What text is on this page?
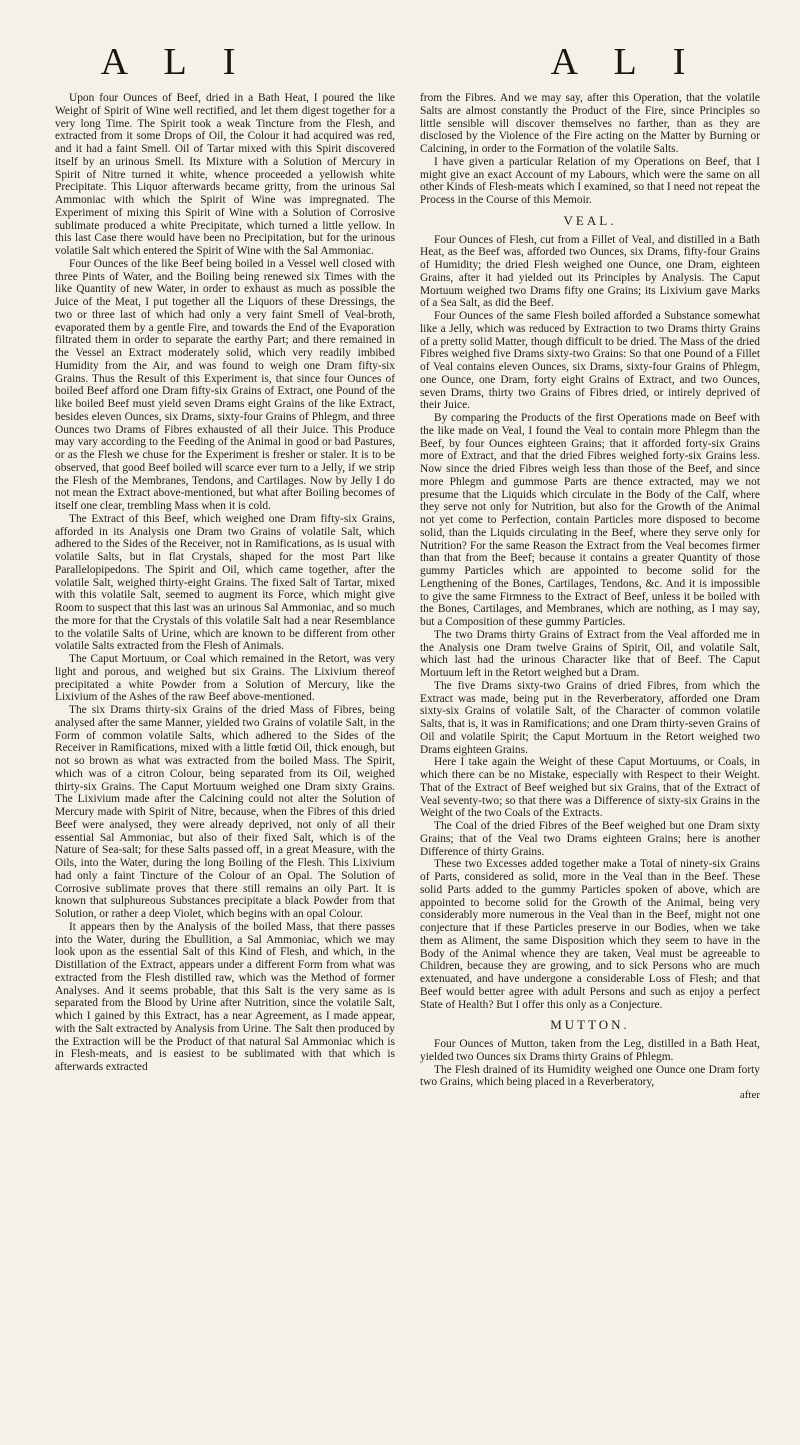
A L I	A L I

Upon four Ounces of Beef, dried in a Bath Heat, I poured the like Weight of Spirit of Wine well rectified, and let them digest together for a very long Time. The Spirit took a weak Tincture from the Flesh, and extracted from it some Drops of Oil, the Colour it had acquired was red, and it had a faint Smell. Oil of Tartar mixed with this Spirit discovered itself by an urinous Smell. Its Mixture with a Solution of Mercury in Spirit of Nitre turned it white, whence proceeded a yellowish white Precipitate. This Liquor afterwards became gritty, from the urinous Sal Ammoniac with which the Spirit of Wine was impregnated. The Experiment of mixing this Spirit of Wine with a Solution of Corrosive sublimate produced a white Precipitate, which turned a little yellow. In this last Case there would have been no Precipitation, but for the urinous volatile Salt which entered the Spirit of Wine with the Sal Ammoniac.

Four Ounces of the like Beef being boiled in a Vessel well closed with three Pints of Water, and the Boiling being renewed six Times with the like Quantity of new Water, in order to exhaust as much as possible the Juice of the Meat, I put together all the Liquors of these Dressings, the two or three last of which had only a very faint Smell of Veal-broth, evaporated them by a gentle Fire, and towards the End of the Evaporation filtrated them in order to separate the earthy Part; and there remained in the Vessel an Extract moderately solid, which very readily imbibed Humidity from the Air, and was found to weigh one Dram fifty-six Grains. Thus the Result of this Experiment is, that since four Ounces of boiled Beef afford one Dram fifty-six Grains of Extract, one Pound of the like boiled Beef must yield seven Drams eight Grains of the like Extract, besides eleven Ounces, six Drams, sixty-four Grains of Phlegm, and three Ounces two Drams of Fibres exhausted of all their Juice. This Produce may vary according to the Feeding of the Animal in good or bad Pastures, or as the Flesh we chuse for the Experiment is fresher or staler. It is to be observed, that good Beef boiled will scarce ever turn to a Jelly, if we strip the Flesh of the Membranes, Tendons, and Cartilages. Now by Jelly I do not mean the Extract above-mentioned, but what after Boiling becomes of itself one clear, trembling Mass when it is cold.

The Extract of this Beef, which weighed one Dram fifty-six Grains, afforded in its Analysis one Dram two Grains of volatile Salt, which adhered to the Sides of the Receiver, not in Ramifications, as is usual with volatile Salts, but in flat Crystals, shaped for the most Part like Parallelopipedons. The Spirit and Oil, which came together, after the volatile Salt, weighed thirty-eight Grains. The fixed Salt of Tartar, mixed with this volatile Salt, seemed to augment its Force, which might give Room to suspect that this last was an urinous Sal Ammoniac, and so much the more for that the Crystals of this volatile Salt had a near Resemblance to the volatile Salts of Urine, which are known to be different from other volatile Salts extracted from the Flesh of Animals.

The Caput Mortuum, or Coal which remained in the Retort, was very light and porous, and weighed but six Grains. The Lixivium thereof precipitated a white Powder from a Solution of Mercury, like the Lixivium of the Ashes of the raw Beef above-mentioned.

The six Drams thirty-six Grains of the dried Mass of Fibres, being analysed after the same Manner, yielded two Grains of volatile Salt, in the Form of common volatile Salts, which adhered to the Sides of the Receiver in Ramifications, mixed with a little fœtid Oil, thick enough, but not so brown as what was extracted from the boiled Mass. The Spirit, which was of a citron Colour, being separated from its Oil, weighed thirty-six Grains. The Caput Mortuum weighed one Dram sixty Grains. The Lixivium made after the Calcining could not alter the Solution of Mercury made with Spirit of Nitre, because, when the Fibres of this dried Beef were analysed, they were already deprived, not only of all their essential Sal Ammoniac, but also of their fixed Salt, which is of the Nature of Sea-salt; for these Salts passed off, in a great Measure, with the Oils, into the Water, during the long Boiling of the Flesh. This Lixivium had only a faint Tincture of the Colour of an Opal. The Solution of Corrosive sublimate proves that there still remains an oily Part. It is known that sulphureous Substances precipitate a black Powder from that Solution, or rather a deep Violet, which begins with an opal Colour.

It appears then by the Analysis of the boiled Mass, that there passes into the Water, during the Ebullition, a Sal Ammoniac, which we may look upon as the essential Salt of this Kind of Flesh, and which, in the Distillation of the Extract, appears under a different Form from what was extracted from the Flesh distilled raw, which was the Method of former Analyses. And it seems probable, that this Salt is the very same as is separated from the Blood by Urine after Nutrition, since the volatile Salt, which I gained by this Extract, has a near Agreement, as I made appear, with the Salt extracted by Analysis from Urine. The Salt then produced by the Extraction will be the Product of that natural Sal Ammoniac which is in Flesh-meats, and is easiest to be sublimated with that which is afterwards extracted

from the Fibres. And we may say, after this Operation, that the volatile Salts are almost constantly the Product of the Fire, since Principles so little sensible will discover themselves no farther, than as they are disclosed by the Violence of the Fire acting on the Matter by Burning or Calcining, in order to the Formation of the volatile Salts.

I have given a particular Relation of my Operations on Beef, that I might give an exact Account of my Labours, which were the same on all other Kinds of Flesh-meats which I examined, so that I need not repeat the Process in the Course of this Memoir.

VEAL.

Four Ounces of Flesh, cut from a Fillet of Veal, and distilled in a Bath Heat, as the Beef was, afforded two Ounces, six Drams, fifty-four Grains of Humidity; the dried Flesh weighed one Ounce, one Dram, eighteen Grains, after it had yielded out its Principles by Analysis. The Caput Mortuum weighed two Drams fifty one Grains; its Lixivium gave Marks of a Sea Salt, as did the Beef.

Four Ounces of the same Flesh boiled afforded a Substance somewhat like a Jelly, which was reduced by Extraction to two Drams thirty Grains of a pretty solid Matter, though difficult to be dried. The Mass of the dried Fibres weighed five Drams sixty-two Grains: So that one Pound of a Fillet of Veal contains eleven Ounces, six Drams, sixty-four Grains of Phlegm, one Ounce, one Dram, forty eight Grains of Extract, and two Ounces, seven Drams, thirty two Grains of Fibres dried, or intirely deprived of their Juice.

By comparing the Products of the first Operations made on Beef with the like made on Veal, I found the Veal to contain more Phlegm than the Beef, by four Ounces eighteen Grains; that it afforded forty-six Grains more of Extract, and that the dried Fibres weighed forty-six Grains less. Now since the dried Fibres weigh less than those of the Beef, and since more Phlegm and gummose Parts are thence extracted, may we not presume that the Liquids which circulate in the Body of the Calf, where they serve not only for Nutrition, but also for the Growth of the Animal not yet come to Perfection, contain Particles more disposed to become solid, than the Liquids circulating in the Beef, where they serve only for Nutrition? For the same Reason the Extract from the Veal becomes firmer than that from the Beef; because it contains a greater Quantity of those gummy Particles which are appointed to become solid for the Lengthening of the Bones, Cartilages, Tendons, &c. And it is impossible to give the same Firmness to the Extract of Beef, unless it be boiled with the Bones, Cartilages, and Membranes, which are nothing, as I may say, but a Composition of these gummy Particles.

The two Drams thirty Grains of Extract from the Veal afforded me in the Analysis one Dram twelve Grains of Spirit, Oil, and volatile Salt, which last had the urinous Character like that of Beef. The Caput Mortuum left in the Retort weighed but a Dram.

The five Drams sixty-two Grains of dried Fibres, from which the Extract was made, being put in the Reverberatory, afforded one Dram sixty-six Grains of volatile Salt, of the Character of common volatile Salts, that is, it was in Ramifications; and one Dram thirty-seven Grains of Oil and volatile Spirit; the Caput Mortuum in the Retort weighed two Drams eighteen Grains.

Here I take again the Weight of these Caput Mortuums, or Coals, in which there can be no Mistake, especially with Respect to their Weight. That of the Extract of Beef weighed but six Grains, that of the Extract of Veal seventy-two; so that there was a Difference of sixty-six Grains in the Weight of the two Coals of the Extracts.

The Coal of the dried Fibres of the Beef weighed but one Dram sixty Grains; that of the Veal two Drams eighteen Grains; here is another Difference of thirty Grains.

These two Excesses added together make a Total of ninety-six Grains of Parts, considered as solid, more in the Veal than in the Beef. These solid Parts added to the gummy Particles spoken of above, which are appointed to become solid for the Growth of the Animal, being very considerably more numerous in the Veal than in the Beef, might not one conjecture that if these Particles preserve in our Bodies, when we take them as Aliment, the same Disposition which they seem to have in the Body of the Animal whence they are taken, Veal must be agreeable to Children, because they are growing, and to sick Persons who are much extenuated, and have undergone a considerable Loss of Flesh; and that Beef would better agree with adult Persons and such as enjoy a perfect State of Health? But I offer this only as a Conjecture.

MUTTON.

Four Ounces of Mutton, taken from the Leg, distilled in a Bath Heat, yielded two Ounces six Drams thirty Grains of Phlegm.

The Flesh drained of its Humidity weighed one Ounce one Dram forty two Grains, which being placed in a Reverberatory,

after
